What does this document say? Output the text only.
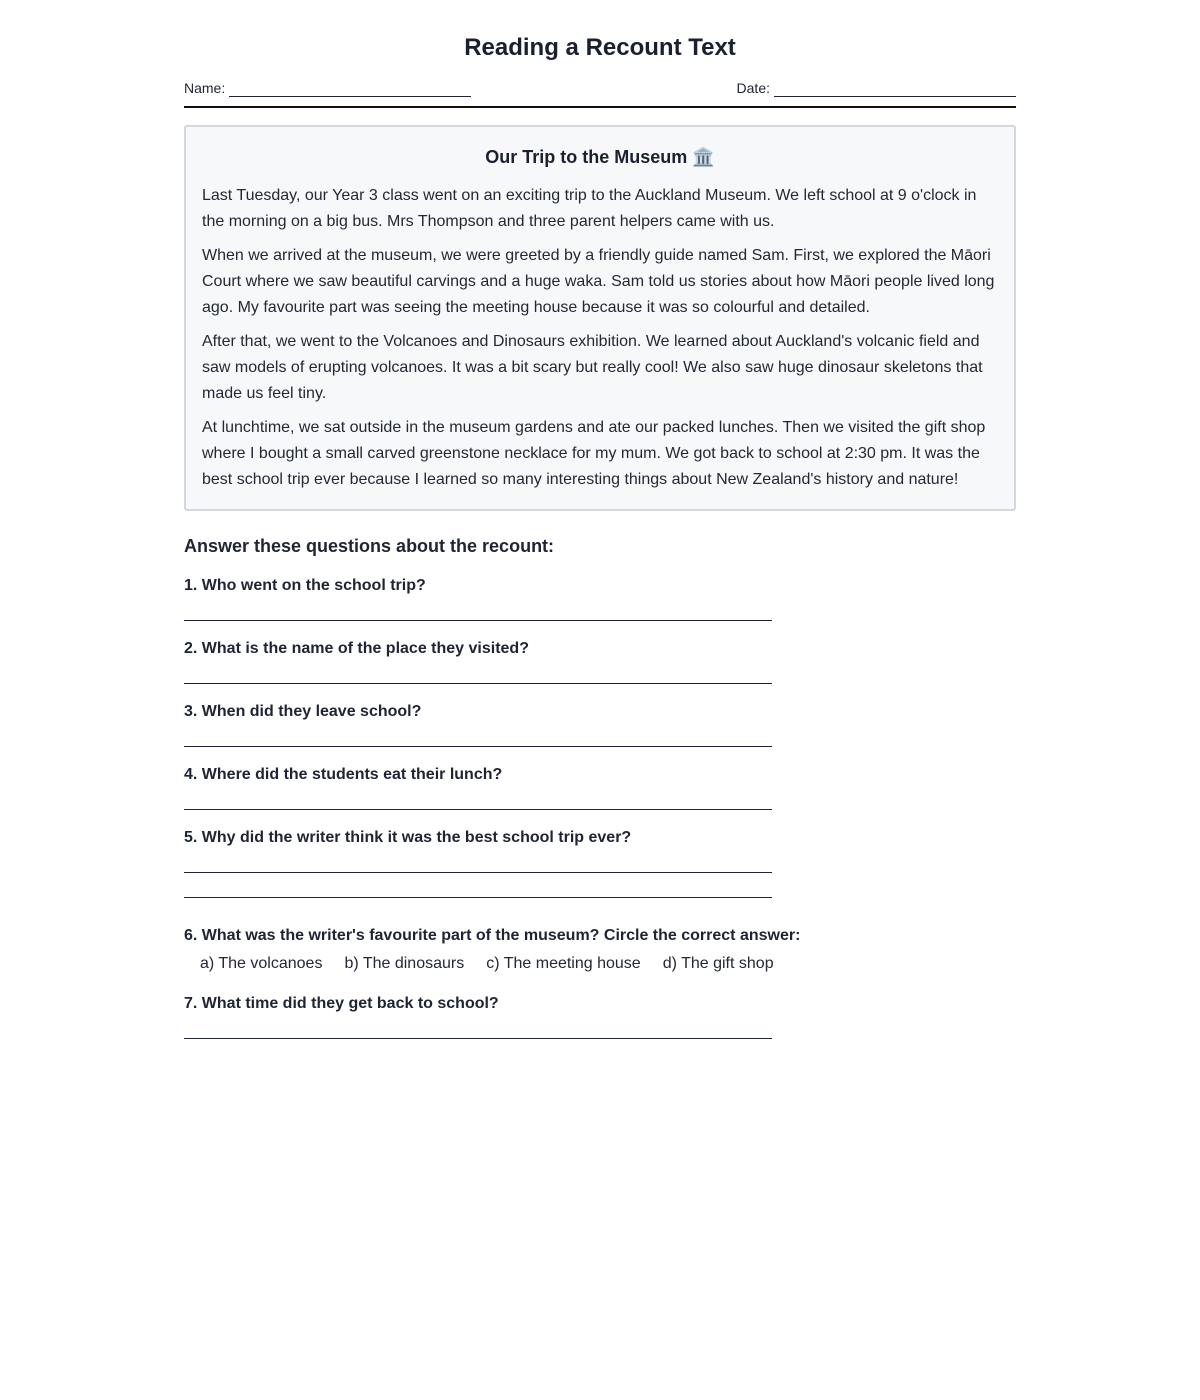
Reading a Recount Text
Name:	Date:
Our Trip to the Museum 🏛️

Last Tuesday, our Year 3 class went on an exciting trip to the Auckland Museum. We left school at 9 o'clock in the morning on a big bus. Mrs Thompson and three parent helpers came with us.

When we arrived at the museum, we were greeted by a friendly guide named Sam. First, we explored the Māori Court where we saw beautiful carvings and a huge waka. Sam told us stories about how Māori people lived long ago. My favourite part was seeing the meeting house because it was so colourful and detailed.

After that, we went to the Volcanoes and Dinosaurs exhibition. We learned about Auckland's volcanic field and saw models of erupting volcanoes. It was a bit scary but really cool! We also saw huge dinosaur skeletons that made us feel tiny.

At lunchtime, we sat outside in the museum gardens and ate our packed lunches. Then we visited the gift shop where I bought a small carved greenstone necklace for my mum. We got back to school at 2:30 pm. It was the best school trip ever because I learned so many interesting things about New Zealand's history and nature!

Answer these questions about the recount:
1. Who went on the school trip?
2. What is the name of the place they visited?
3. When did they leave school?
4. Where did the students eat their lunch?
5. Why did the writer think it was the best school trip ever?
6. What was the writer's favourite part of the museum? Circle the correct answer:
a) The volcanoes b) The dinosaurs c) The meeting house d) The gift shop
7. What time did they get back to school?
